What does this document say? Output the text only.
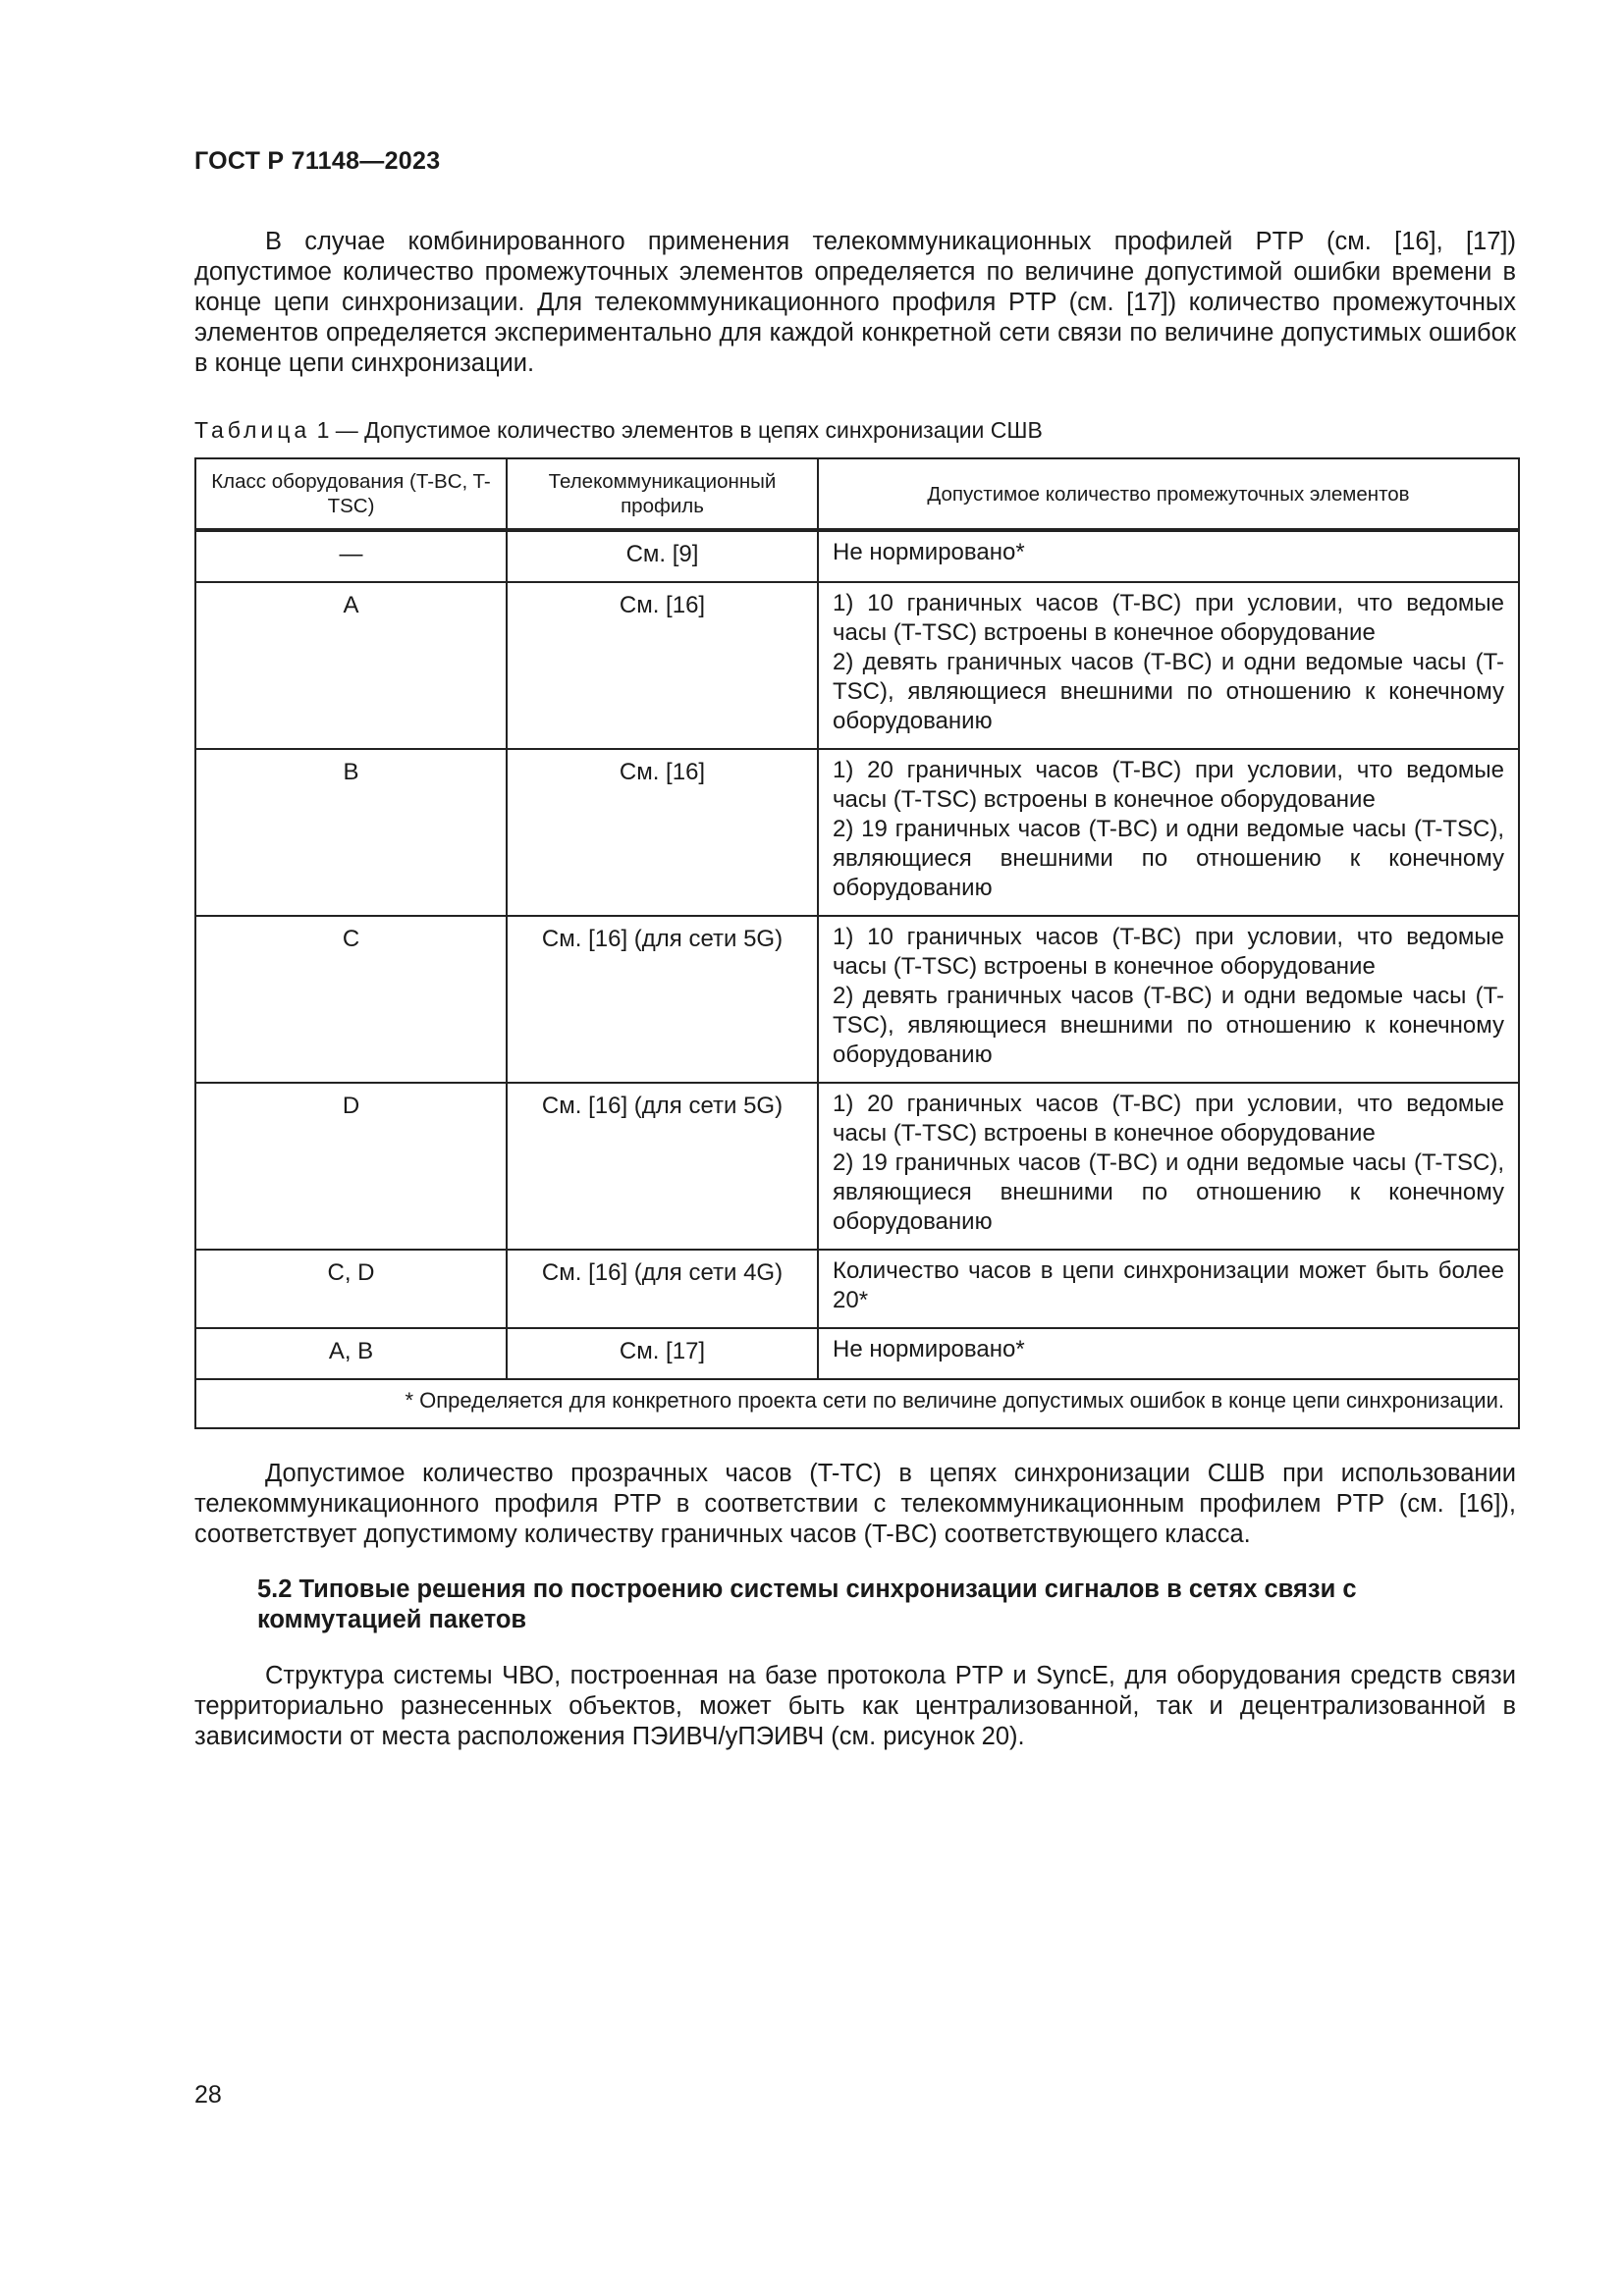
ГОСТ Р 71148—2023

В случае комбинированного применения телекоммуникационных профилей PTP (см. [16], [17]) допустимое количество промежуточных элементов определяется по величине допустимой ошибки времени в конце цепи синхронизации. Для телекоммуникационного профиля PTP (см. [17]) количество промежуточных элементов определяется экспериментально для каждой конкретной сети связи по величине допустимых ошибок в конце цепи синхронизации.

Таблица 1 — Допустимое количество элементов в цепях синхронизации СШВ
Класс оборудования (T-BC, T-TSC)	Телекоммуникационный профиль	Допустимое количество промежуточных элементов
—	См. [9]	Не нормировано*

A	См. [16]	1) 10 граничных часов (T-BC) при условии, что ведомые часы (T-TSC) встроены в конечное оборудование
2) девять граничных часов (T-BC) и одни ведомые часы (T-TSC), являющиеся внешними по отношению к конечному оборудованию

B	См. [16]	1) 20 граничных часов (T-BC) при условии, что ведомые часы (T-TSC) встроены в конечное оборудование
2) 19 граничных часов (T-BC) и одни ведомые часы (T-TSC), являющиеся внешними по отношению к конечному оборудованию

C	См. [16] (для сети 5G)	1) 10 граничных часов (T-BC) при условии, что ведомые часы (T-TSC) встроены в конечное оборудование
2) девять граничных часов (T-BC) и одни ведомые часы (T-TSC), являющиеся внешними по отношению к конечному оборудованию

D	См. [16] (для сети 5G)	1) 20 граничных часов (T-BC) при условии, что ведомые часы (T-TSC) встроены в конечное оборудование
2) 19 граничных часов (T-BC) и одни ведомые часы (T-TSC), являющиеся внешними по отношению к конечному оборудованию

C, D	См. [16] (для сети 4G)	Количество часов в цепи синхронизации может быть более 20*

A, B	См. [17]	Не нормировано*

* Определяется для конкретного проекта сети по величине допустимых ошибок в конце цепи синхронизации.		

Допустимое количество прозрачных часов (T-TC) в цепях синхронизации СШВ при использовании телекоммуникационного профиля PTP в соответствии с телекоммуникационным профилем PTP (см. [16]), соответствует допустимому количеству граничных часов (T-BC) соответствующего класса.

5.2 Типовые решения по построению системы синхронизации сигналов в сетях связи с коммутацией пакетов

Структура системы ЧВО, построенная на базе протокола PTP и SyncE, для оборудования средств связи территориально разнесенных объектов, может быть как централизованной, так и децентрализованной в зависимости от места расположения ПЭИВЧ/уПЭИВЧ (см. рисунок 20).

28
